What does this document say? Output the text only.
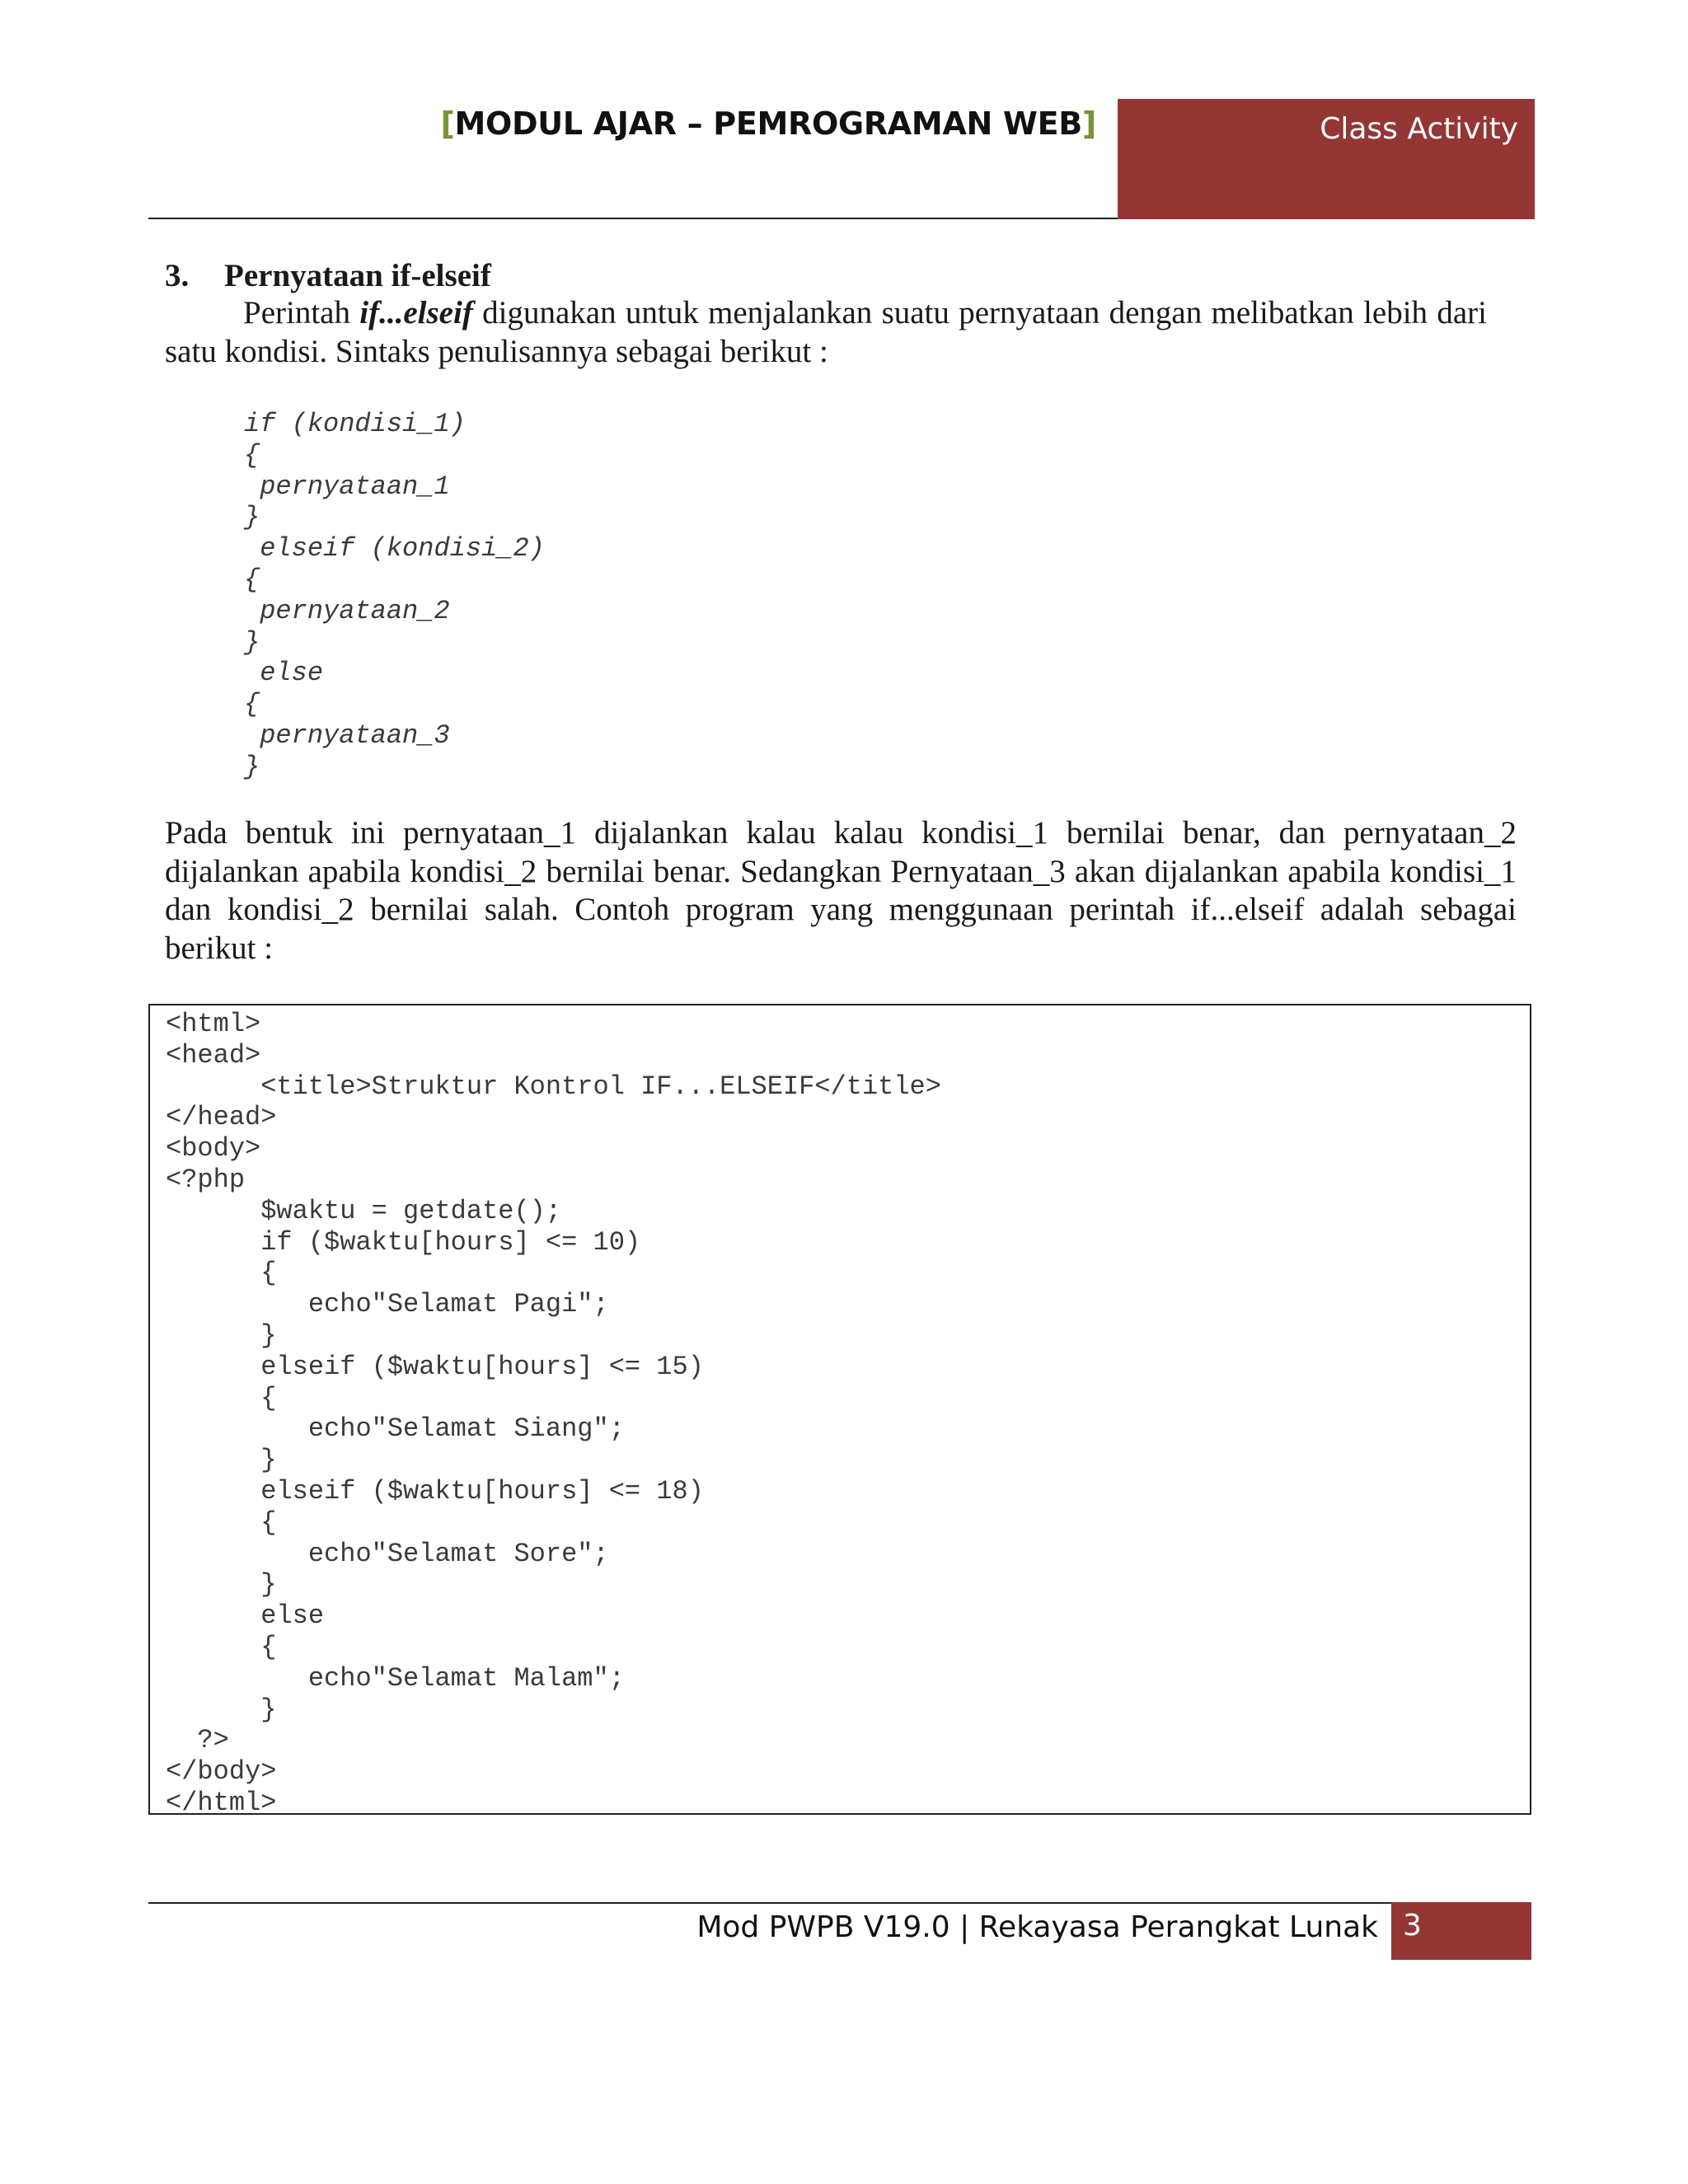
[MODUL AJAR – PEMROGRAMAN WEB]	Class Activity
3. Pernyataan if-elseif

Perintah if...elseif digunakan untuk menjalankan suatu pernyataan dengan melibatkan lebih dari satu kondisi. Sintaks penulisannya sebagai berikut :

if (kondisi_1)
{
pernyataan_1
}
elseif (kondisi_2)
{
pernyataan_2
}
else
{
pernyataan_3
}

Pada bentuk ini pernyataan_1 dijalankan kalau kalau kondisi_1 bernilai benar, dan pernyataan_2 dijalankan apabila kondisi_2 bernilai benar. Sedangkan Pernyataan_3 akan dijalankan apabila kondisi_1 dan kondisi_2 bernilai salah. Contoh program yang menggunaan perintah if...elseif adalah sebagai berikut :

<html>
<head>
<title>Struktur Kontrol IF...ELSEIF</title>
</head>
<body>
<?php
$waktu = getdate();
if ($waktu[hours] <= 10)
{
echo"Selamat Pagi";
}
elseif ($waktu[hours] <= 15)
{
echo"Selamat Siang";
}
elseif ($waktu[hours] <= 18)
{
echo"Selamat Sore";
}
else
{
echo"Selamat Malam";
}
?>
</body>
</html>
Mod PWPB V19.0 | Rekayasa Perangkat Lunak 3
